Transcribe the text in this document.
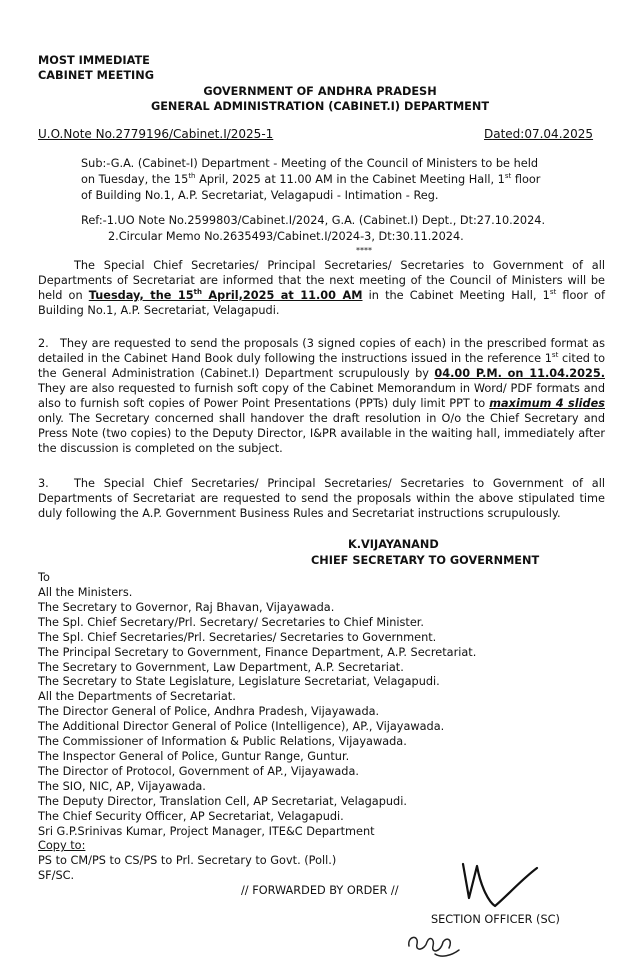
MOST IMMEDIATE
CABINET MEETING
GOVERNMENT OF ANDHRA PRADESH
GENERAL ADMINISTRATION (CABINET.I) DEPARTMENT
U.O.Note No.2779196/Cabinet.I/2025-1	Dated:07.04.2025
Sub:-G.A. (Cabinet-I) Department - Meeting of the Council of Ministers to be held
on Tuesday, the 15th April, 2025 at 11.00 AM in the Cabinet Meeting Hall, 1st floor
of Building No.1, A.P. Secretariat, Velagapudi - Intimation - Reg.
Ref:-1.UO Note No.2599803/Cabinet.I/2024, G.A. (Cabinet.I) Dept., Dt:27.10.2024.
2.Circular Memo No.2635493/Cabinet.I/2024-3, Dt:30.11.2024.
****
The Special Chief Secretaries/ Principal Secretaries/ Secretaries to Government of all Departments of Secretariat are informed that the next meeting of the Council of Ministers will be held on Tuesday, the 15th April,2025 at 11.00 AM in the Cabinet Meeting Hall, 1st floor of Building No.1, A.P. Secretariat, Velagapudi.
2. They are requested to send the proposals (3 signed copies of each) in the prescribed format as detailed in the Cabinet Hand Book duly following the instructions issued in the reference 1st cited to the General Administration (Cabinet.I) Department scrupulously by 04.00 P.M. on 11.04.2025. They are also requested to furnish soft copy of the Cabinet Memorandum in Word/ PDF formats and also to furnish soft copies of Power Point Presentations (PPTs) duly limit PPT to maximum 4 slides only. The Secretary concerned shall handover the draft resolution in O/o the Chief Secretary and Press Note (two copies) to the Deputy Director, I&PR available in the waiting hall, immediately after the discussion is completed on the subject.
3. The Special Chief Secretaries/ Principal Secretaries/ Secretaries to Government of all Departments of Secretariat are requested to send the proposals within the above stipulated time duly following the A.P. Government Business Rules and Secretariat instructions scrupulously.
K.VIJAYANAND
CHIEF SECRETARY TO GOVERNMENT
To
All the Ministers.
The Secretary to Governor, Raj Bhavan, Vijayawada.
The Spl. Chief Secretary/Prl. Secretary/ Secretaries to Chief Minister.
The Spl. Chief Secretaries/Prl. Secretaries/ Secretaries to Government.
The Principal Secretary to Government, Finance Department, A.P. Secretariat.
The Secretary to Government, Law Department, A.P. Secretariat.
The Secretary to State Legislature, Legislature Secretariat, Velagapudi.
All the Departments of Secretariat.
The Director General of Police, Andhra Pradesh, Vijayawada.
The Additional Director General of Police (Intelligence), AP., Vijayawada.
The Commissioner of Information & Public Relations, Vijayawada.
The Inspector General of Police, Guntur Range, Guntur.
The Director of Protocol, Government of AP., Vijayawada.
The SIO, NIC, AP, Vijayawada.
The Deputy Director, Translation Cell, AP Secretariat, Velagapudi.
The Chief Security Officer, AP Secretariat, Velagapudi.
Sri G.P.Srinivas Kumar, Project Manager, ITE&C Department
Copy to:
PS to CM/PS to CS/PS to Prl. Secretary to Govt. (Poll.)
SF/SC.
// FORWARDED BY ORDER //
SECTION OFFICER (SC)
